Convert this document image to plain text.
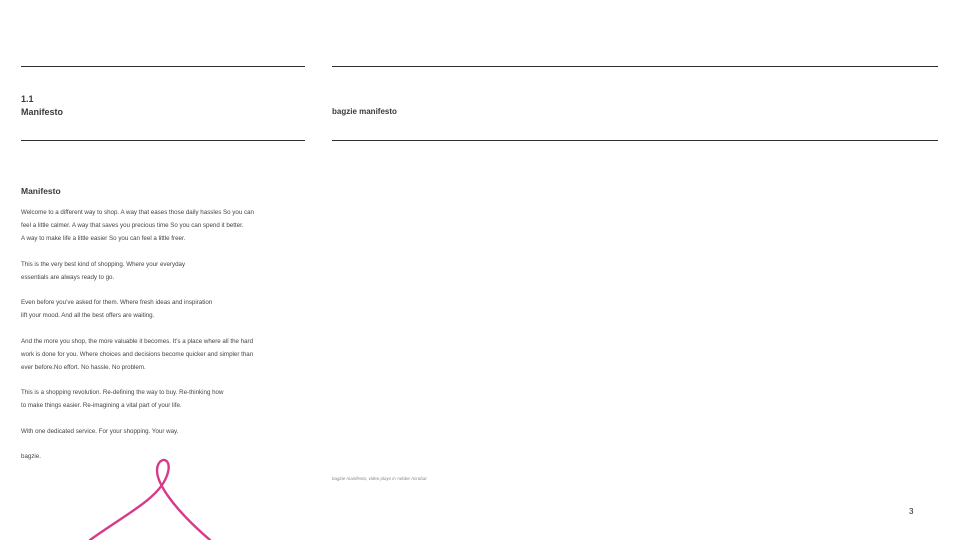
1.1
Manifesto	bagzie manifesto
Manifesto

Welcome to a different way to shop. A way that eases those daily hassles So you can
feel a little calmer. A way that saves you precious time So you can spend it better.
A way to make life a little easier So you can feel a little freer.

This is the very best kind of shopping. Where your everyday
essentials are always ready to go.

Even before you’ve asked for them. Where fresh ideas and inspiration
lift your mood. And all the best offers are waiting.

And the more you shop, the more valuable it becomes. It’s a place where all the hard
work is done for you. Where choices and decisions become quicker and simpler than
ever before.No effort. No hassle. No problem.

This is a shopping revolution. Re-defining the way to buy. Re-thinking how
to make things easier. Re-imagining a vital part of your life.

With one dedicated service. For your shopping. Your way.

bagzie.

bagzie manifesto, video plays in Adobe Acrobat
3
